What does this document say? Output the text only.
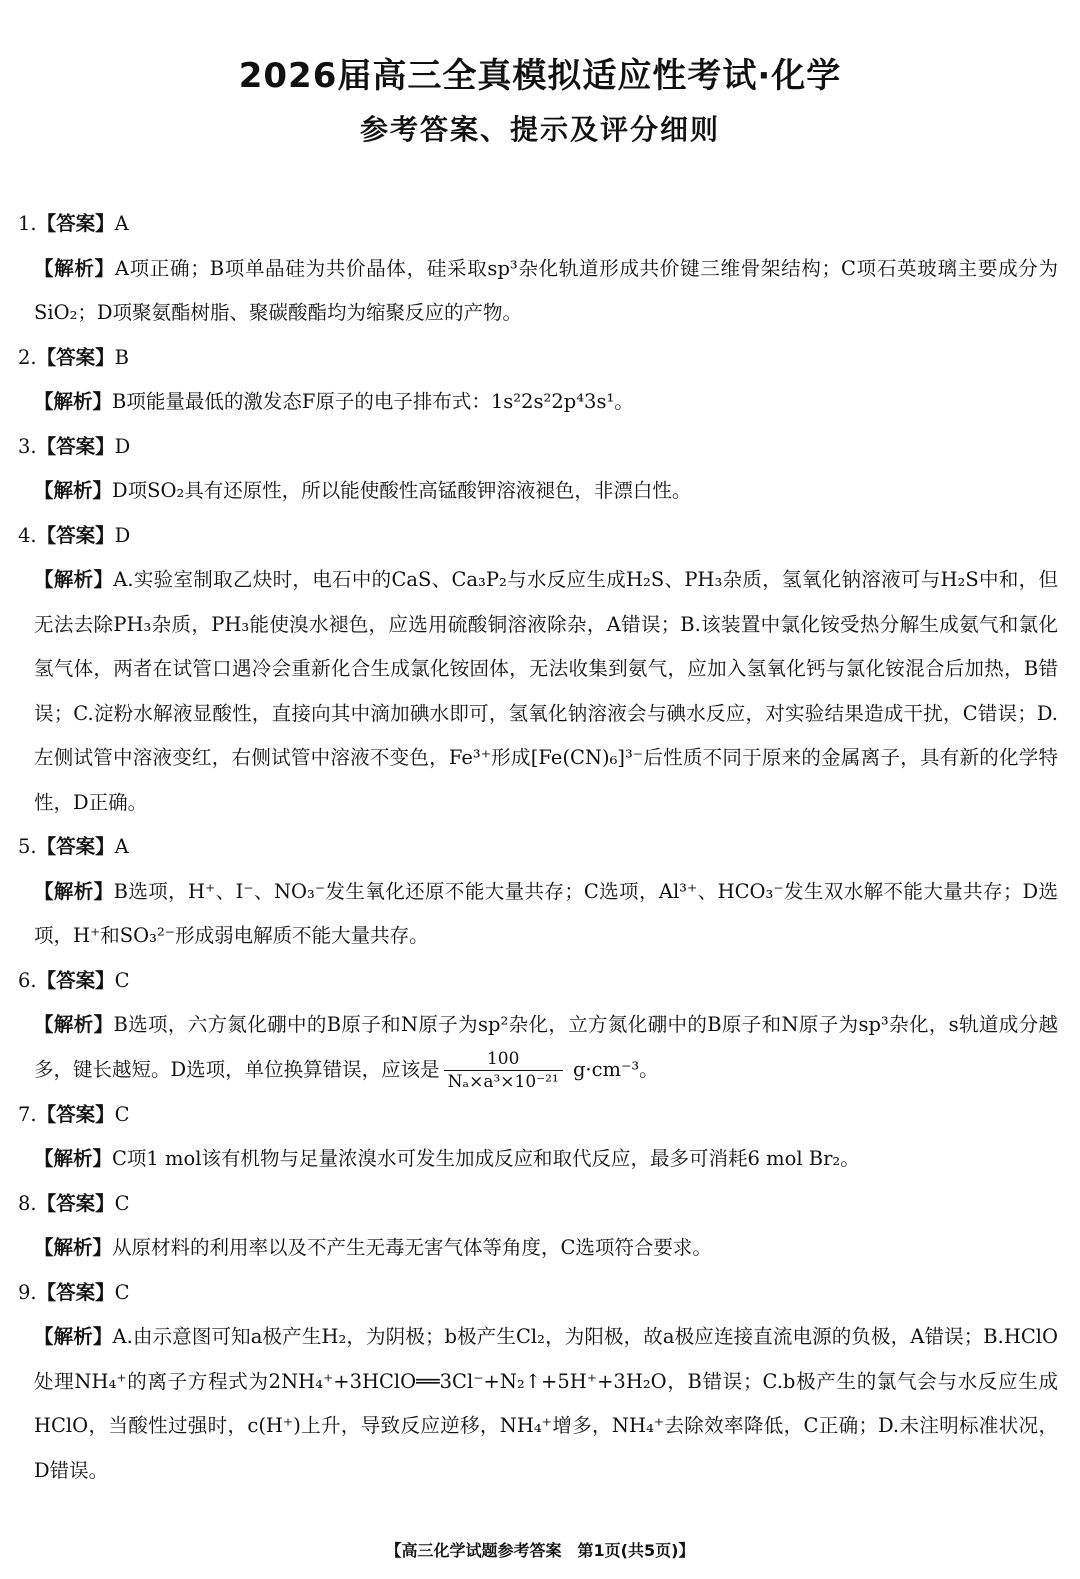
2026届高三全真模拟适应性考试·化学
参考答案、提示及评分细则

1.【答案】A

【解析】A项正确；B项单晶硅为共价晶体，硅采取sp³杂化轨道形成共价键三维骨架结构；C项石英玻璃主要成分为SiO₂；D项聚氨酯树脂、聚碳酸酯均为缩聚反应的产物。

2.【答案】B

【解析】B项能量最低的激发态F原子的电子排布式：1s²2s²2p⁴3s¹。

3.【答案】D

【解析】D项SO₂具有还原性，所以能使酸性高锰酸钾溶液褪色，非漂白性。

4.【答案】D

【解析】A.实验室制取乙炔时，电石中的CaS、Ca₃P₂与水反应生成H₂S、PH₃杂质，氢氧化钠溶液可与H₂S中和，但无法去除PH₃杂质，PH₃能使溴水褪色，应选用硫酸铜溶液除杂，A错误；B.该装置中氯化铵受热分解生成氨气和氯化氢气体，两者在试管口遇冷会重新化合生成氯化铵固体，无法收集到氨气，应加入氢氧化钙与氯化铵混合后加热，B错误；C.淀粉水解液显酸性，直接向其中滴加碘水即可，氢氧化钠溶液会与碘水反应，对实验结果造成干扰，C错误；D.左侧试管中溶液变红，右侧试管中溶液不变色，Fe³⁺形成[Fe(CN)₆]³⁻后性质不同于原来的金属离子，具有新的化学特性，D正确。

5.【答案】A

【解析】B选项，H⁺、I⁻、NO₃⁻发生氧化还原不能大量共存；C选项，Al³⁺、HCO₃⁻发生双水解不能大量共存；D选项，H⁺和SO₃²⁻形成弱电解质不能大量共存。

6.【答案】C

【解析】B选项，六方氮化硼中的B原子和N原子为sp²杂化，立方氮化硼中的B原子和N原子为sp³杂化，s轨道成分越多，键长越短。D选项，单位换算错误，应该是 $\frac{100}{\text{Nₐ×a³×10⁻²¹}} g\cdot cm^{-3}$。

7.【答案】C

【解析】C项1 mol该有机物与足量浓溴水可发生加成反应和取代反应，最多可消耗6 mol Br₂。

8.【答案】C

【解析】从原材料的利用率以及不产生无毒无害气体等角度，C选项符合要求。

9.【答案】C

【解析】A.由示意图可知a极产生H₂，为阴极；b极产生Cl₂，为阳极，故a极应连接直流电源的负极，A错误；B.HClO处理NH₄⁺的离子方程式为2NH₄⁺+3HClO══3Cl⁻+N₂↑+5H⁺+3H₂O，B错误；C.b极产生的氯气会与水反应生成HClO，当酸性过强时，c(H⁺)上升，导致反应逆移，NH₄⁺增多，NH₄⁺去除效率降低，C正确；D.未注明标准状况，D错误。

【高三化学试题参考答案　第1页(共5页)】
